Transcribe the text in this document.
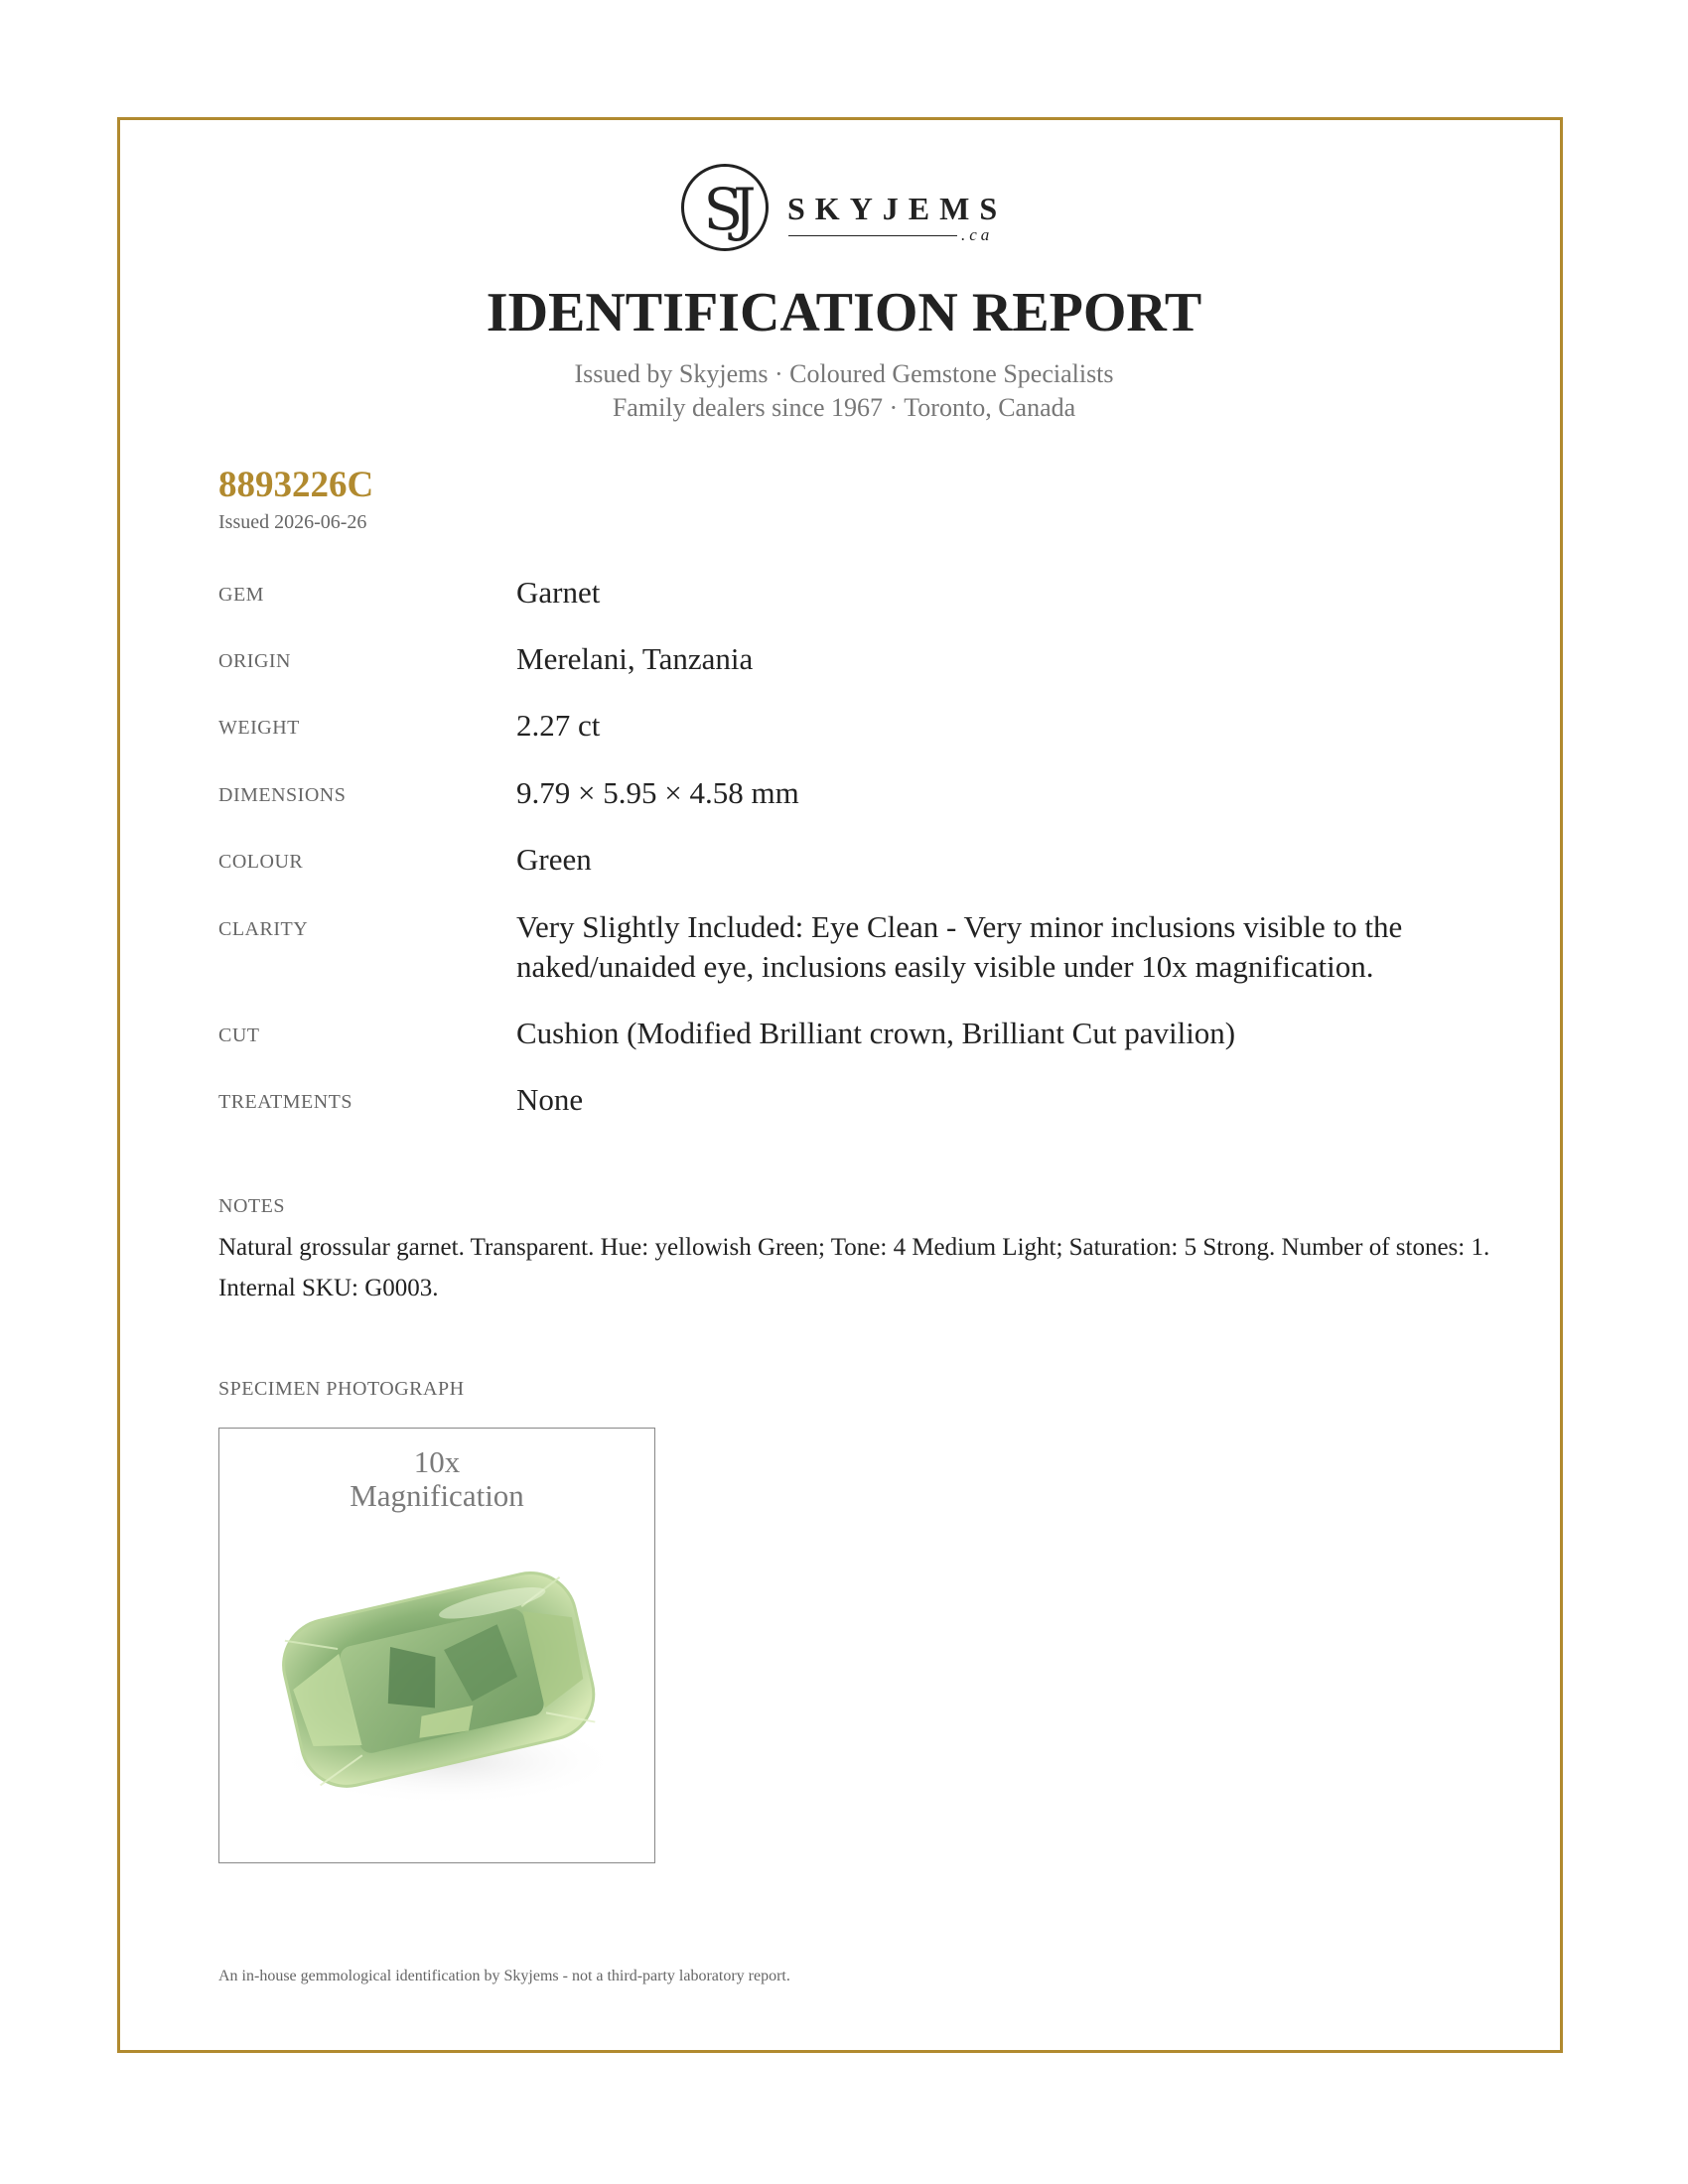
SJ	SKYJEMS
.ca
IDENTIFICATION REPORT
Issued by Skyjems · Coloured Gemstone Specialists
Family dealers since 1967 · Toronto, Canada
8893226C
Issued 2026-06-26
GEM	Garnet
ORIGIN	Merelani, Tanzania
WEIGHT	2.27 ct
DIMENSIONS	9.79 × 5.95 × 4.58 mm
COLOUR	Green
CLARITY	Very Slightly Included: Eye Clean - Very minor inclusions visible to the naked/unaided eye, inclusions easily visible under 10x magnification.
CUT	Cushion (Modified Brilliant crown, Brilliant Cut pavilion)
TREATMENTS	None
NOTES
Natural grossular garnet. Transparent. Hue: yellowish Green; Tone: 4 Medium Light; Saturation: 5 Strong. Number of stones: 1. Internal SKU: G0003.
SPECIMEN PHOTOGRAPH
10x
Magnification
An in-house gemmological identification by Skyjems - not a third-party laboratory report.
